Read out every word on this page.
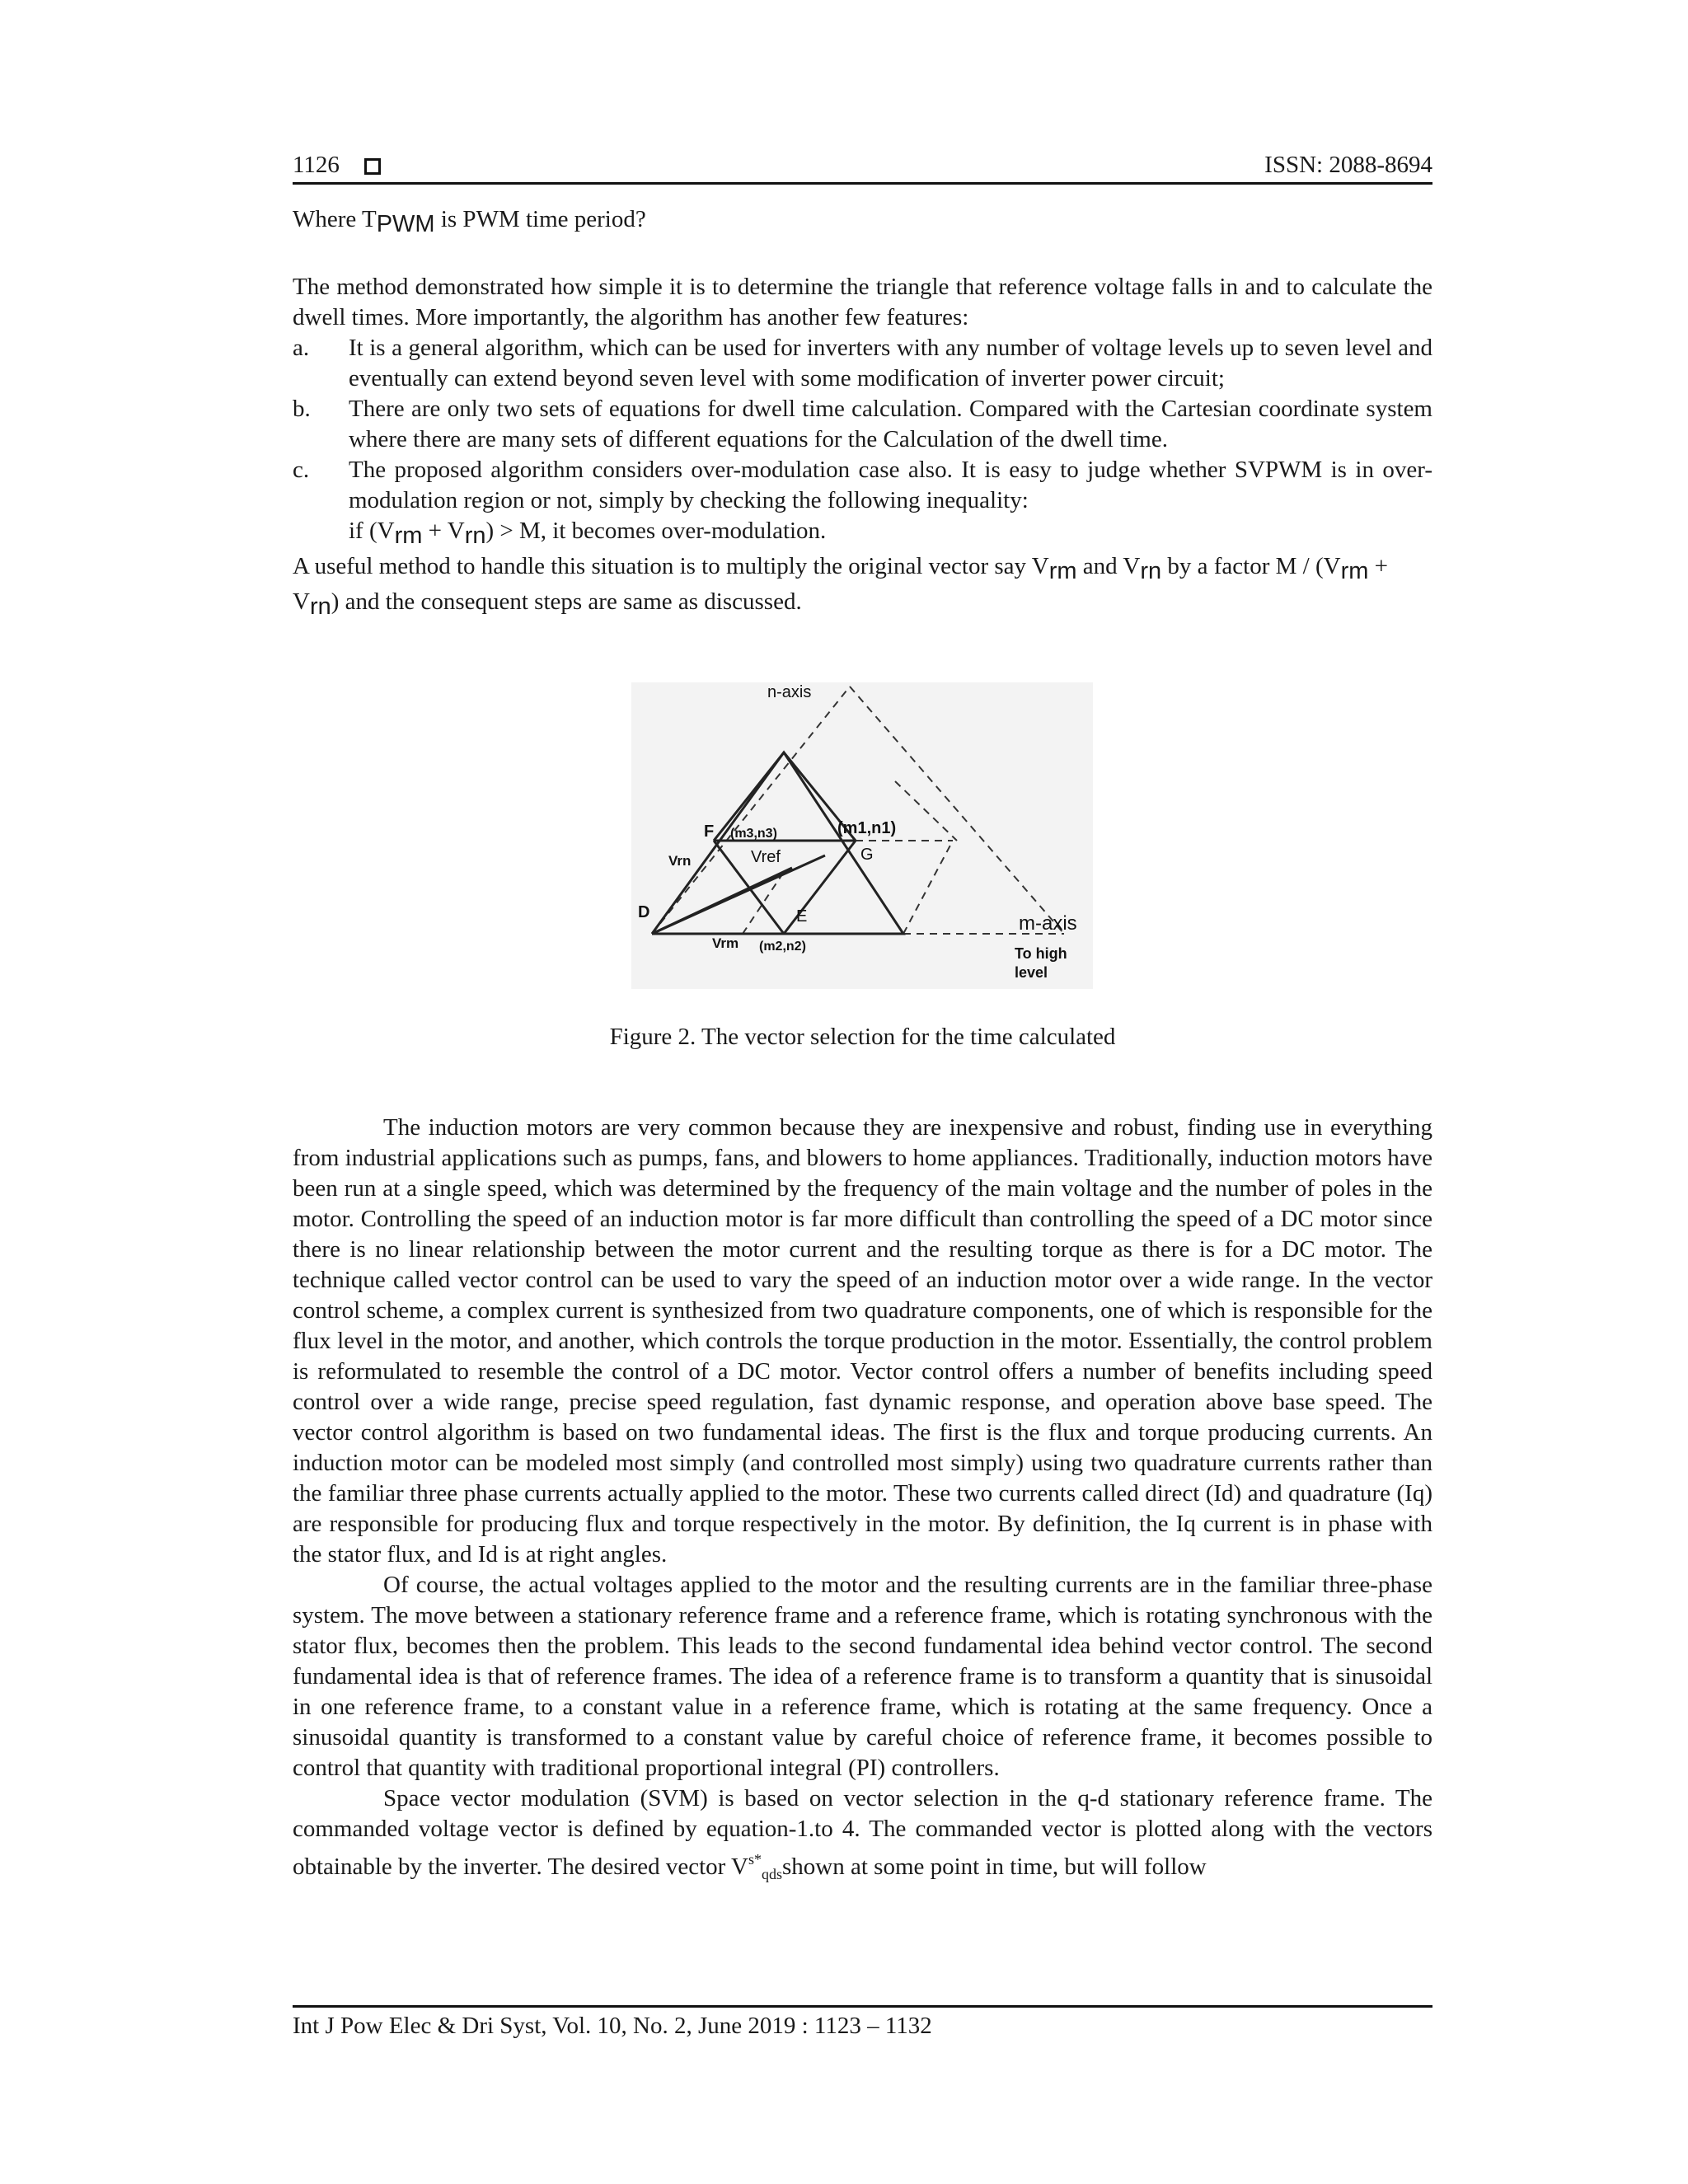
1126	ISSN: 2088-8694

Where TPWM is PWM time period?

The method demonstrated how simple it is to determine the triangle that reference voltage falls in and to calculate the dwell times. More importantly, the algorithm has another few features:

a.	It is a general algorithm, which can be used for inverters with any number of voltage levels up to seven level and eventually can extend beyond seven level with some modification of inverter power circuit;
b.	There are only two sets of equations for dwell time calculation. Compared with the Cartesian coordinate system where there are many sets of different equations for the Calculation of the dwell time.
c.	The proposed algorithm considers over-modulation case also. It is easy to judge whether SVPWM is in over- modulation region or not, simply by checking the following inequality:
if (Vrm + Vrn) > M, it becomes over-modulation.

A useful method to handle this situation is to multiply the original vector say Vrm and Vrn by a factor M / (Vrm + Vrn) and the consequent steps are same as discussed.

n-axis
m-axis
To high
level
F (m3,n3)	(m1,n1)
G
Vrn	Vref
D	E
Vrm (m2,n2)
Figure 2. The vector selection for the time calculated

The induction motors are very common because they are inexpensive and robust, finding use in everything from industrial applications such as pumps, fans, and blowers to home appliances. Traditionally, induction motors have been run at a single speed, which was determined by the frequency of the main voltage and the number of poles in the motor. Controlling the speed of an induction motor is far more difficult than controlling the speed of a DC motor since there is no linear relationship between the motor current and the resulting torque as there is for a DC motor. The technique called vector control can be used to vary the speed of an induction motor over a wide range. In the vector control scheme, a complex current is synthesized from two quadrature components, one of which is responsible for the flux level in the motor, and another, which controls the torque production in the motor. Essentially, the control problem is reformulated to resemble the control of a DC motor. Vector control offers a number of benefits including speed control over a wide range, precise speed regulation, fast dynamic response, and operation above base speed. The vector control algorithm is based on two fundamental ideas. The first is the flux and torque producing currents. An induction motor can be modeled most simply (and controlled most simply) using two quadrature currents rather than the familiar three phase currents actually applied to the motor. These two currents called direct (Id) and quadrature (Iq) are responsible for producing flux and torque respectively in the motor. By definition, the Iq current is in phase with the stator flux, and Id is at right angles.

Of course, the actual voltages applied to the motor and the resulting currents are in the familiar three-phase system. The move between a stationary reference frame and a reference frame, which is rotating synchronous with the stator flux, becomes then the problem. This leads to the second fundamental idea behind vector control. The second fundamental idea is that of reference frames. The idea of a reference frame is to transform a quantity that is sinusoidal in one reference frame, to a constant value in a reference frame, which is rotating at the same frequency. Once a sinusoidal quantity is transformed to a constant value by careful choice of reference frame, it becomes possible to control that quantity with traditional proportional integral (PI) controllers.

Space vector modulation (SVM) is based on vector selection in the q-d stationary reference frame. The commanded voltage vector is defined by equation-1.to 4. The commanded vector is plotted along with the vectors obtainable by the inverter. The desired vector $V^{s*}_{qds}shown$ at some point in time, but will follow

Int J Pow Elec & Dri Syst, Vol. 10, No. 2, June 2019 : 1123 – 1132
